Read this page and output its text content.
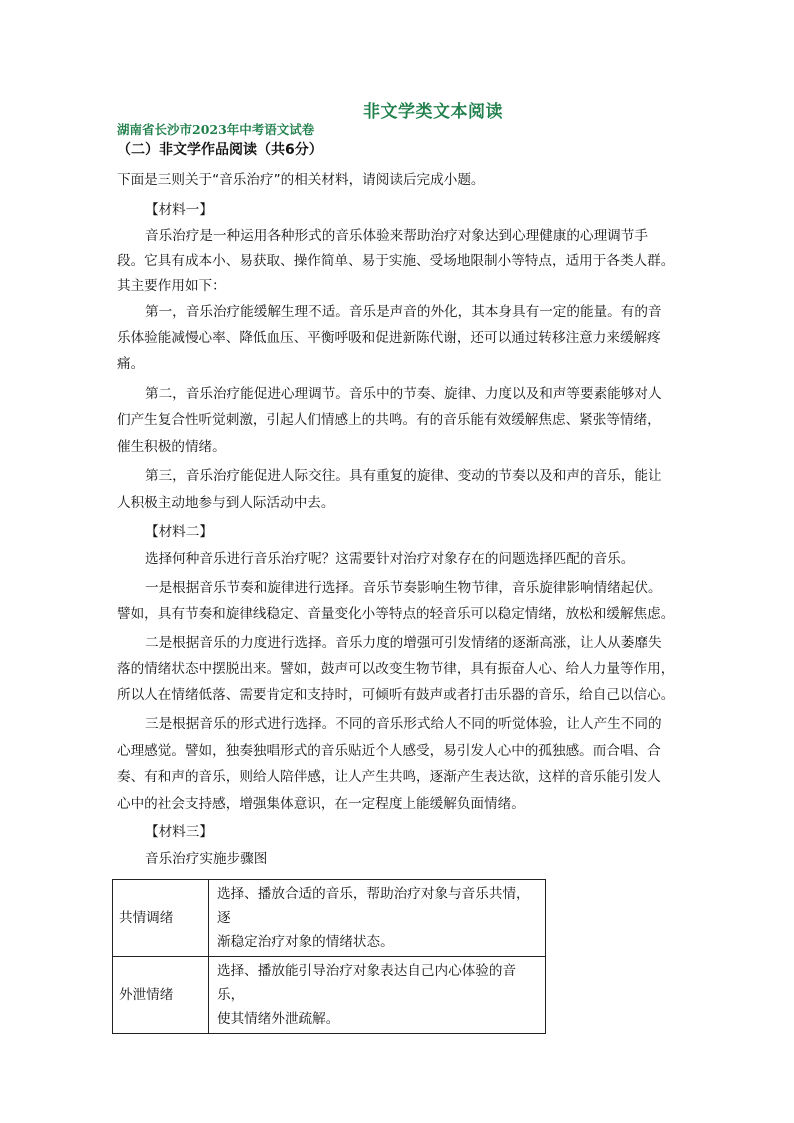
非文学类文本阅读
湖南省长沙市2023年中考语文试卷
（二）非文学作品阅读（共6分）
下面是三则关于“音乐治疗”的相关材料，请阅读后完成小题。
【材料一】
音乐治疗是一种运用各种形式的音乐体验来帮助治疗对象达到心理健康的心理调节手
段。它具有成本小、易获取、操作简单、易于实施、受场地限制小等特点，适用于各类人群。
其主要作用如下：
第一，音乐治疗能缓解生理不适。音乐是声音的外化，其本身具有一定的能量。有的音
乐体验能减慢心率、降低血压、平衡呼吸和促进新陈代谢，还可以通过转移注意力来缓解疼
痛。
第二，音乐治疗能促进心理调节。音乐中的节奏、旋律、力度以及和声等要素能够对人
们产生复合性听觉刺激，引起人们情感上的共鸣。有的音乐能有效缓解焦虑、紧张等情绪，
催生积极的情绪。
第三，音乐治疗能促进人际交往。具有重复的旋律、变动的节奏以及和声的音乐，能让
人积极主动地参与到人际活动中去。
【材料二】
选择何种音乐进行音乐治疗呢？这需要针对治疗对象存在的问题选择匹配的音乐。
一是根据音乐节奏和旋律进行选择。音乐节奏影响生物节律，音乐旋律影响情绪起伏。
譬如，具有节奏和旋律线稳定、音量变化小等特点的轻音乐可以稳定情绪，放松和缓解焦虑。
二是根据音乐的力度进行选择。音乐力度的增强可引发情绪的逐渐高涨，让人从萎靡失
落的情绪状态中摆脱出来。譬如，鼓声可以改变生物节律，具有振奋人心、给人力量等作用，
所以人在情绪低落、需要肯定和支持时，可倾听有鼓声或者打击乐器的音乐，给自己以信心。
三是根据音乐的形式进行选择。不同的音乐形式给人不同的听觉体验，让人产生不同的
心理感觉。譬如，独奏独唱形式的音乐贴近个人感受，易引发人心中的孤独感。而合唱、合
奏、有和声的音乐，则给人陪伴感，让人产生共鸣，逐渐产生表达欲，这样的音乐能引发人
心中的社会支持感，增强集体意识，在一定程度上能缓解负面情绪。
【材料三】
音乐治疗实施步骤图
共情调绪	选择、播放合适的音乐，帮助治疗对象与音乐共情，逐
渐稳定治疗对象的情绪状态。

外泄情绪	选择、播放能引导治疗对象表达自己内心体验的音乐，
使其情绪外泄疏解。
